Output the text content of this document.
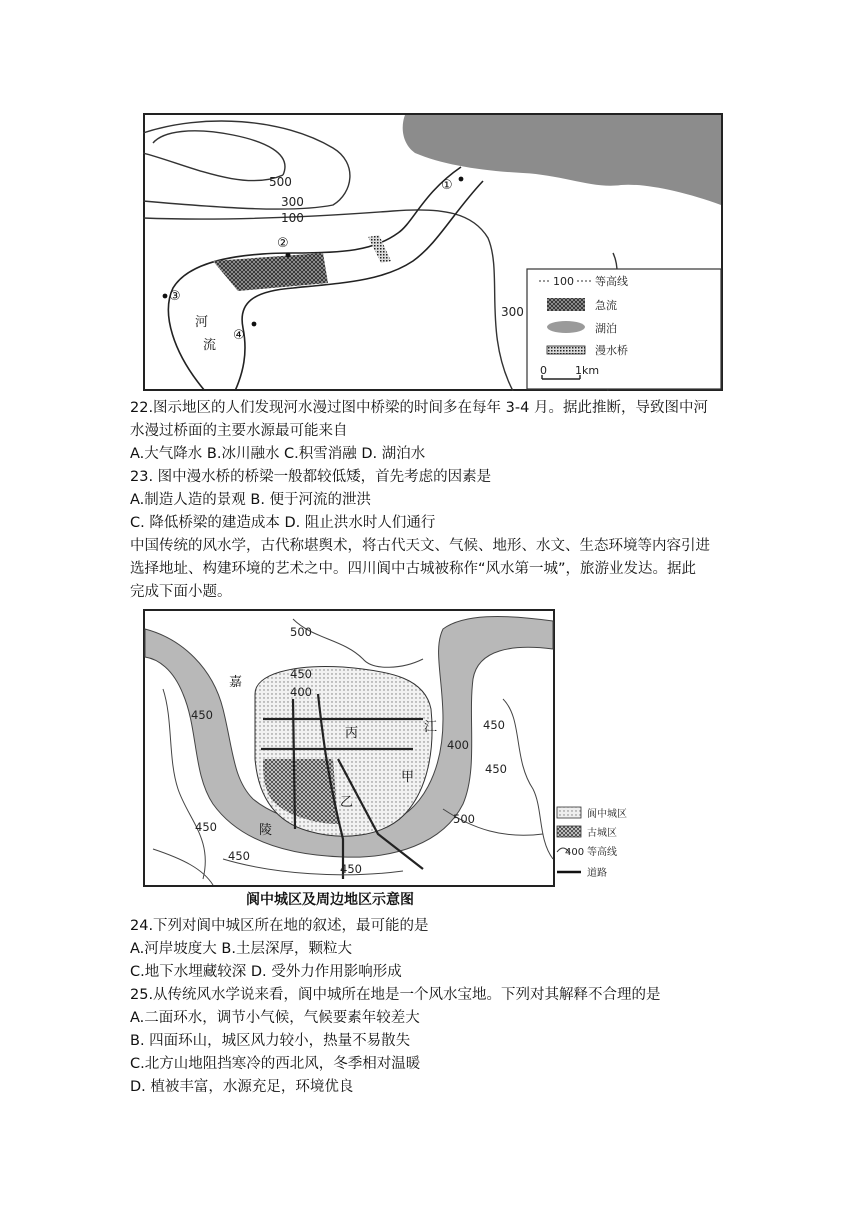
500
300
100
300
①
②
③
④
河
流
100 等高线
急流
湖泊
漫水桥
0	1km
22.图示地区的人们发现河水漫过图中桥梁的时间多在每年 3-4 月。据此推断，导致图中河
水漫过桥面的主要水源最可能来自
A.大气降水 B.冰川融水 C.积雪消融 D. 湖泊水
23. 图中漫水桥的桥梁一般都较低矮，首先考虑的因素是
A.制造人造的景观 B. 便于河流的泄洪
C. 降低桥梁的建造成本 D. 阻止洪水时人们通行
中国传统的风水学，古代称堪舆术，将古代天文、气候、地形、水文、生态环境等内容引进
选择地址、构建环境的艺术之中。四川阆中古城被称作“风水第一城”，旅游业发达。据此
完成下面小题。
500
450
400
450
450
400
450
450
500
450
450
嘉
陵
江
丙
甲
乙
阆中城区及周边地区示意图
阆中城区
古城区
400 等高线
道路
24.下列对阆中城区所在地的叙述，最可能的是
A.河岸坡度大 B.土层深厚，颗粒大
C.地下水埋藏较深 D. 受外力作用影响形成
25.从传统风水学说来看，阆中城所在地是一个风水宝地。下列对其解释不合理的是
A.二面环水，调节小气候，气候要素年较差大
B. 四面环山，城区风力较小，热量不易散失
C.北方山地阻挡寒冷的西北风，冬季相对温暖
D. 植被丰富，水源充足，环境优良
